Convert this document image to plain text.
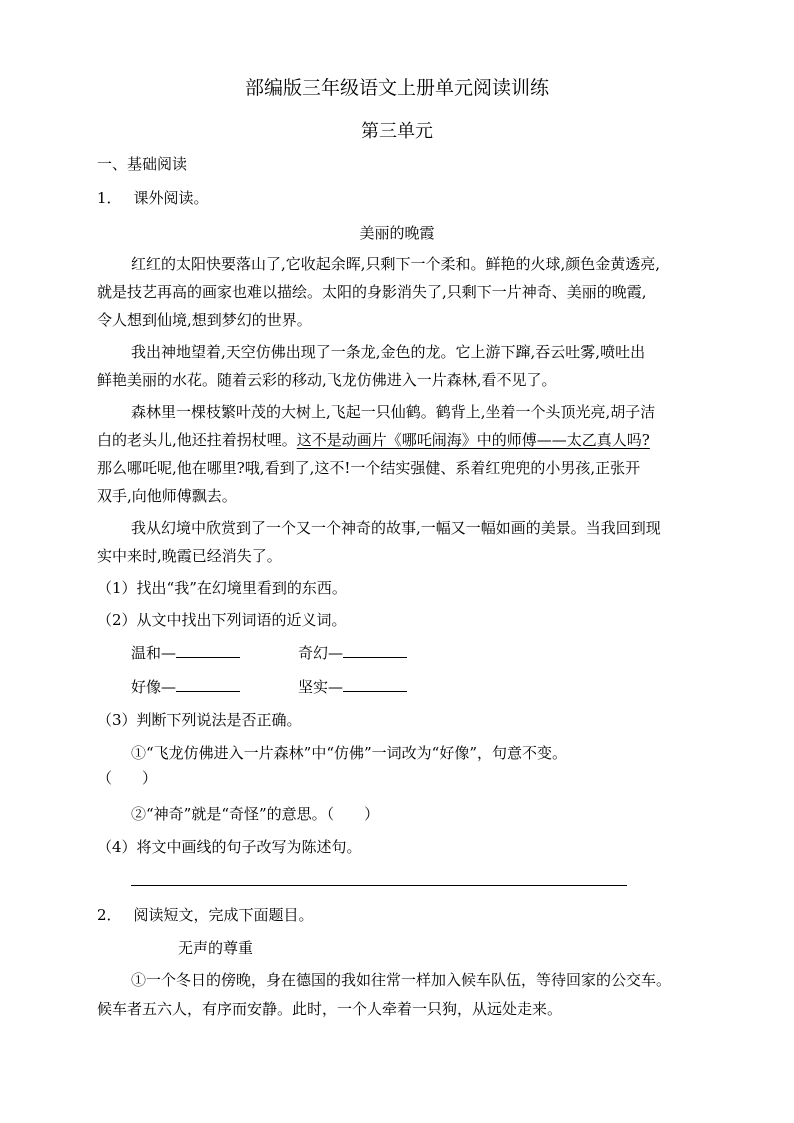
部编版三年级语文上册单元阅读训练
第三单元
一、基础阅读
1． 课外阅读。
美丽的晚霞
红红的太阳快要落山了,它收起余晖,只剩下一个柔和。鲜艳的火球,颜色金黄透亮,
就是技艺再高的画家也难以描绘。太阳的身影消失了,只剩下一片神奇、美丽的晚霞,
令人想到仙境,想到梦幻的世界。
我出神地望着,天空仿佛出现了一条龙,金色的龙。它上游下蹿,吞云吐雾,喷吐出
鲜艳美丽的水花。随着云彩的移动,飞龙仿佛进入一片森林,看不见了。
森林里一棵枝繁叶茂的大树上,飞起一只仙鹤。鹤背上,坐着一个头顶光亮,胡子洁
白的老头儿,他还拄着拐杖哩。这不是动画片《哪吒闹海》中的师傅——太乙真人吗?
那么哪吒呢,他在哪里?哦,看到了,这不!一个结实强健、系着红兜兜的小男孩,正张开
双手,向他师傅飘去。
我从幻境中欣赏到了一个又一个神奇的故事,一幅又一幅如画的美景。当我回到现
实中来时,晚霞已经消失了。
（1）找出“我”在幻境里看到的东西。
（2）从文中找出下列词语的近义词。
温和—	奇幻—
好像—	坚实—
（3）判断下列说法是否正确。
①“飞龙仿佛进入一片森林”中“仿佛”一词改为“好像”，句意不变。
（　　）
②“神奇”就是“奇怪”的意思。（　　）
（4）将文中画线的句子改写为陈述句。
2． 阅读短文，完成下面题目。
无声的尊重
①一个冬日的傍晚，身在德国的我如往常一样加入候车队伍，等待回家的公交车。
候车者五六人，有序而安静。此时，一个人牵着一只狗，从远处走来。
